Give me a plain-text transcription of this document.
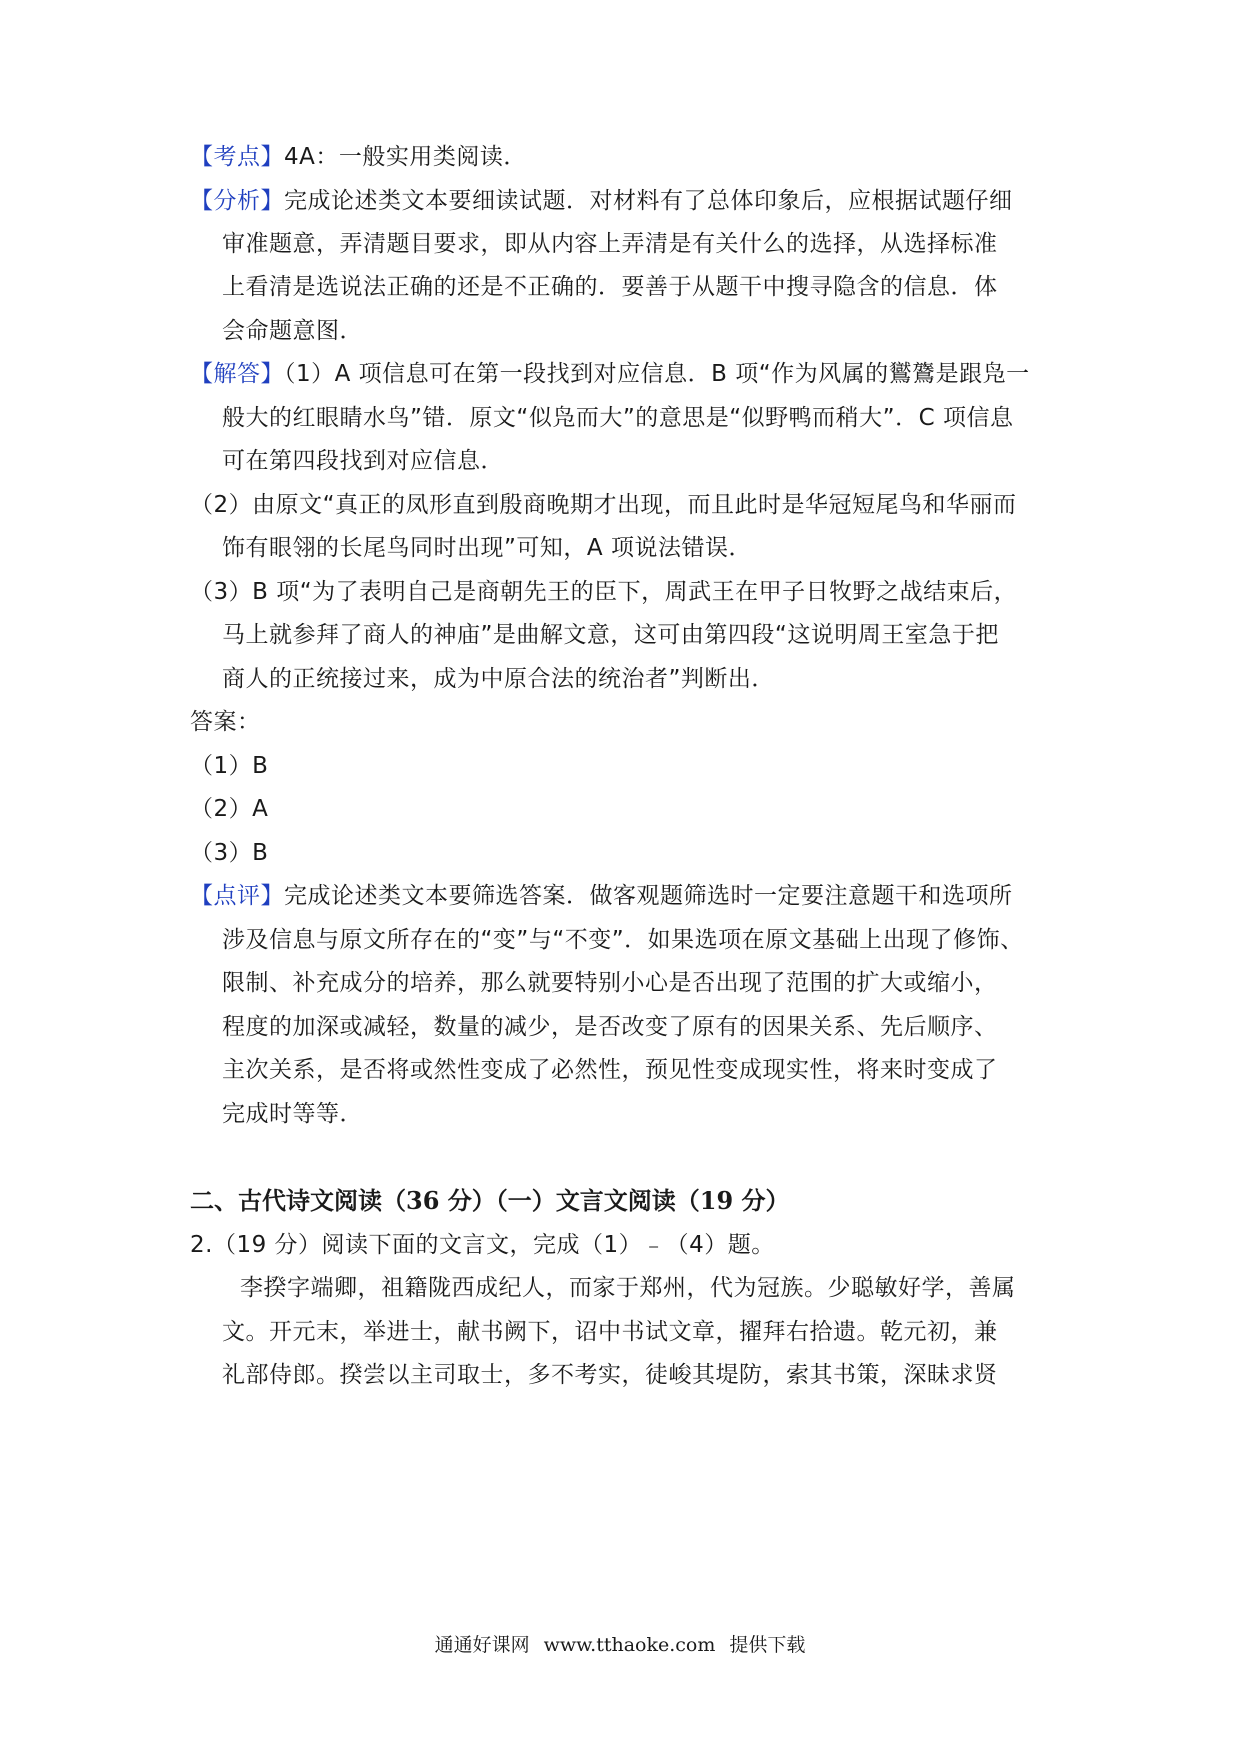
【考点】4A：一般实用类阅读．
【分析】完成论述类文本要细读试题．对材料有了总体印象后，应根据试题仔细
审准题意，弄清题目要求，即从内容上弄清是有关什么的选择，从选择标准
上看清是选说法正确的还是不正确的．要善于从题干中搜寻隐含的信息．体
会命题意图．
【解答】（1）A 项信息可在第一段找到对应信息．B 项“作为风属的鸑鷟是跟凫一
般大的红眼睛水鸟”错．原文“似凫而大”的意思是“似野鸭而稍大”．C 项信息
可在第四段找到对应信息．
（2）由原文“真正的凤形直到殷商晚期才出现，而且此时是华冠短尾鸟和华丽而
饰有眼翎的长尾鸟同时出现”可知，A 项说法错误．
（3）B 项“为了表明自己是商朝先王的臣下，周武王在甲子日牧野之战结束后，
马上就参拜了商人的神庙”是曲解文意，这可由第四段“这说明周王室急于把
商人的正统接过来，成为中原合法的统治者”判断出．
答案：
（1）B
（2）A
（3）B
【点评】完成论述类文本要筛选答案．做客观题筛选时一定要注意题干和选项所
涉及信息与原文所存在的“变”与“不变”．如果选项在原文基础上出现了修饰、
限制、补充成分的培养，那么就要特别小心是否出现了范围的扩大或缩小，
程度的加深或减轻，数量的减少，是否改变了原有的因果关系、先后顺序、
主次关系，是否将或然性变成了必然性，预见性变成现实性，将来时变成了
完成时等等．
二、古代诗文阅读（36 分）（一）文言文阅读（19 分）
2.（19 分）阅读下面的文言文，完成（1）﹣（4）题。
李揆字端卿，祖籍陇西成纪人，而家于郑州，代为冠族。少聪敏好学，善属
文。开元末，举进士，献书阙下，诏中书试文章，擢拜右拾遗。乾元初，兼
礼部侍郎。揆尝以主司取士，多不考实，徒峻其堤防，索其书策，深昧求贤
通通好课网 www.tthaoke.com 提供下载
